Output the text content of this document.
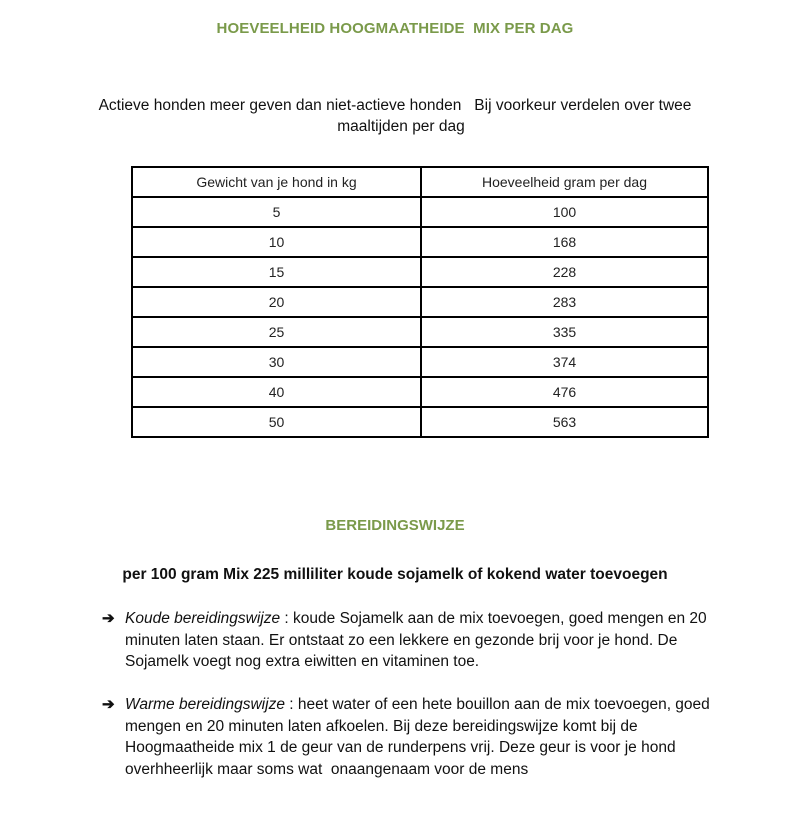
HOEVEELHEID HOOGMAATHEIDE  MIX PER DAG
Actieve honden meer geven dan niet-actieve honden   Bij voorkeur verdelen over twee
maaltijden per dag
Gewicht van je hond in kg	Hoeveelheid gram per dag
5	100
10	168
15	228
20	283
25	335
30	374
40	476
50	563
BEREIDINGSWIJZE
per 100 gram Mix 225 milliliter koude sojamelk of kokend water toevoegen
➔ Koude bereidingswijze : koude Sojamelk aan de mix toevoegen, goed mengen en 20 minuten laten staan. Er ontstaat zo een lekkere en gezonde brij voor je hond. De Sojamelk voegt nog extra eiwitten en vitaminen toe.
➔ Warme bereidingswijze : heet water of een hete bouillon aan de mix toevoegen, goed mengen en 20 minuten laten afkoelen. Bij deze bereidingswijze komt bij de Hoogmaatheide mix 1 de geur van de runderpens vrij. Deze geur is voor je hond overhheerlijk maar soms wat  onaangenaam voor de mens
